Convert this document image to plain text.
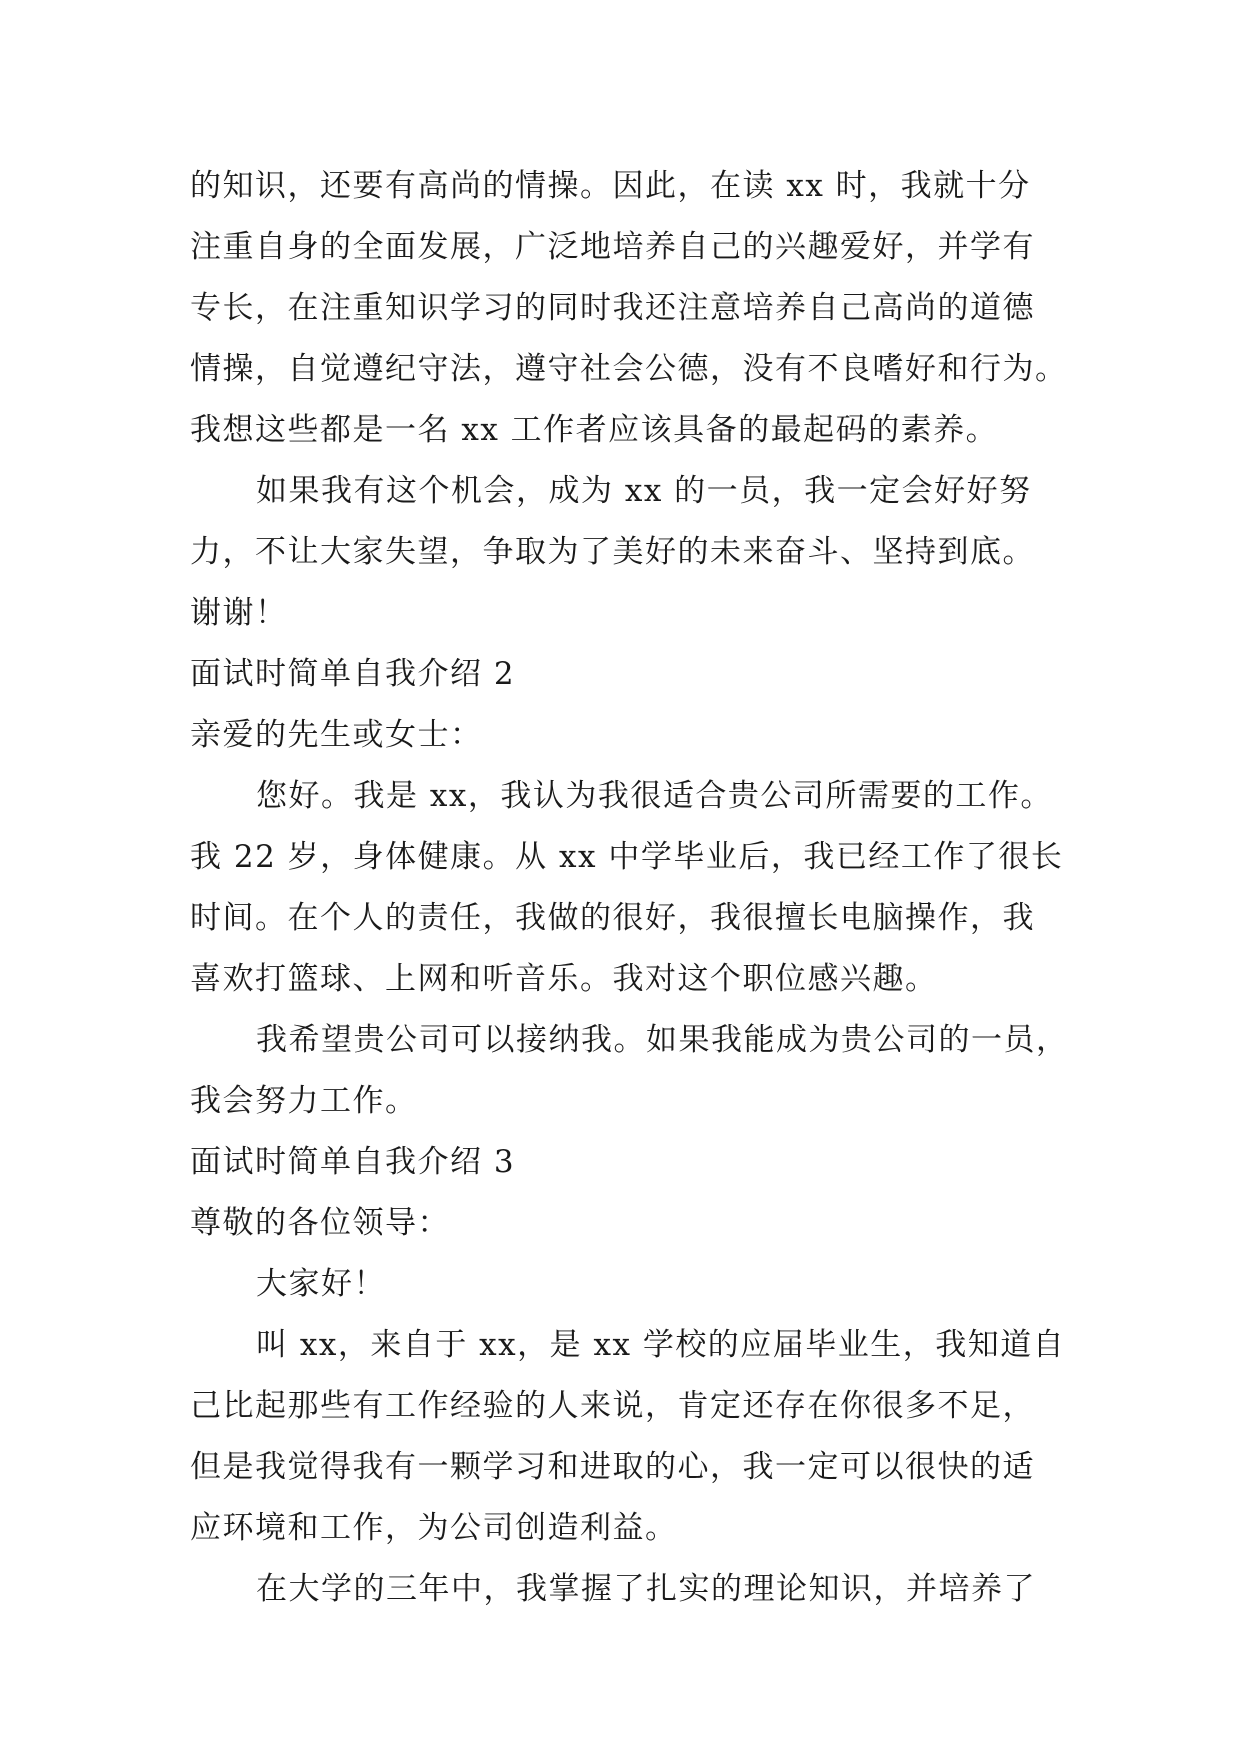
的知识，还要有高尚的情操。因此，在读 xx 时，我就十分
注重自身的全面发展，广泛地培养自己的兴趣爱好，并学有
专长，在注重知识学习的同时我还注意培养自己高尚的道德
情操，自觉遵纪守法，遵守社会公德，没有不良嗜好和行为。
我想这些都是一名 xx 工作者应该具备的最起码的素养。
如果我有这个机会，成为 xx 的一员，我一定会好好努
力，不让大家失望，争取为了美好的未来奋斗、坚持到底。
谢谢！
面试时简单自我介绍 2
亲爱的先生或女士：
您好。我是 xx，我认为我很适合贵公司所需要的工作。
我 22 岁，身体健康。从 xx 中学毕业后，我已经工作了很长
时间。在个人的责任，我做的很好，我很擅长电脑操作，我
喜欢打篮球、上网和听音乐。我对这个职位感兴趣。
我希望贵公司可以接纳我。如果我能成为贵公司的一员，
我会努力工作。
面试时简单自我介绍 3
尊敬的各位领导：
大家好！
叫 xx，来自于 xx，是 xx 学校的应届毕业生，我知道自
己比起那些有工作经验的人来说，肯定还存在你很多不足，
但是我觉得我有一颗学习和进取的心，我一定可以很快的适
应环境和工作，为公司创造利益。
在大学的三年中，我掌握了扎实的理论知识，并培养了
